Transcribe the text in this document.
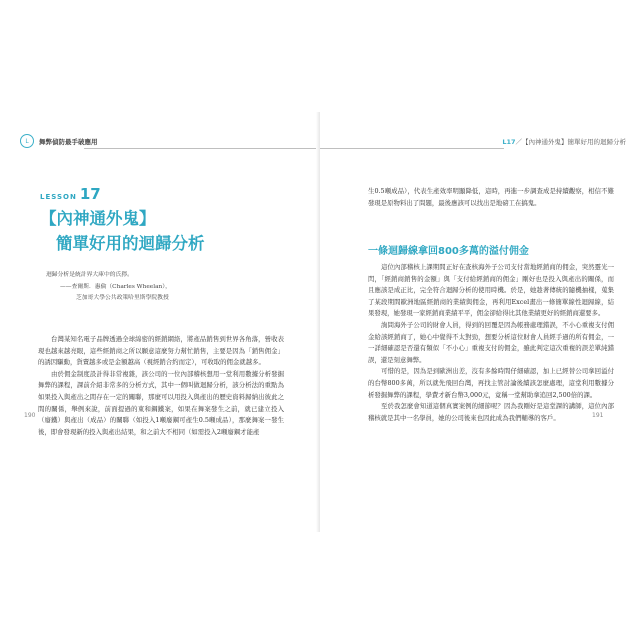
L	舞弊偵防最手破應用
LESSON 17
【內神通外鬼】
簡單好用的迴歸分析
迴歸分析是統計界大庫中的氏獰。
——查爾斯．惠倫（Charles Wheelan），
芝加哥大學公共政策哈里斯學院教授

台灣某知名電子品牌透過全球綿密的經銷網絡，將產品銷售到世界各角落，營收表現也越來越亮眼，這些經銷商之所以願意這麼努力幫忙銷售，主要是因為「銷售佣金」的誘因驅動，貨賣越多或是金額越高（視經銷合約而定），可收取的佣金就越多。

由於佣金制度設計得非常複雜，該公司的一位內部稽核想用一堂利用數據分析發掘舞弊的課程，課前介紹非常多的分析方式，其中一個叫做迴歸分析，該分析法的重點為如果投入與產出之間存在一定的關聯，那麼可以用投入與產出的歷史資料歸納出彼此之間的關係，舉例來說，前面提過的東和鋼鐵案，如果在舞案發生之前，就已建立投入（廢鐵）與產出（成品）的關聯（如投入1噸廢鋼可產生0.5噸成品），那麼舞案一發生後，即會發現新的投入與產出結果，和之前大不相同（如需投入2噸廢鋼才能產

190
L17／【內神通外鬼】簡單好用的迴歸分析

生0.5噸成品），代表生產效率明顯降低，這時，再進一步調查成是持續觀察，相信不難發現是原物料出了問題，最後應該可以找出是地磅工在搞鬼。

一條迴歸線拿回800多萬的溢付佣金

這位內部稽核上課期間正好在查核海外子公司支付當地經銷商的佣金，突然靈光一閃，「經銷商銷售的金額」與「支付給經銷商的佣金」剛好也是投入與產出的關係，而且應該是成正比，完全符合迴歸分析的使用時機。於是，她趁著傳統的隨機抽樣，蒐集了某段期間歐洲地區經銷商的業績與佣金，再利用Excel畫出一條簡單線性迴歸線，結果發現，她發現一家經銷商業績平平，佣金卻給得比其他業績更好的經銷商還要多。

詢問海外子公司的財會人員，得到的回覆是因為帳務處理錯誤，不小心重複支付佣金給該經銷商了，她心中覺得不太對勁，想要分析這位財會人員經手過的所有佣金，一一詳細確認是否還有類似「不小心」重複支付的佣金，雖此判定這次重複的誤差單純錯誤，還是刻意舞弊。

可惜的是，因為是到歐洲出差，沒有多餘時間仔細確認，加上已經替公司拿回溢付的台幣800多萬，所以就先飛回台灣，再找主管討論後續該怎麼處理，這堂利用數據分析發掘舞弊的課程，學費才新台幣3,000元，竟稱一堂幫助拿追回2,500倍的課。

至於我怎麼會知道這個真實案例的細節呢？因為我剛好是這堂課的講師，這位內部稽核就是其中一名學員，她的公司後來也因此成為我們輔導的客戶。	191
